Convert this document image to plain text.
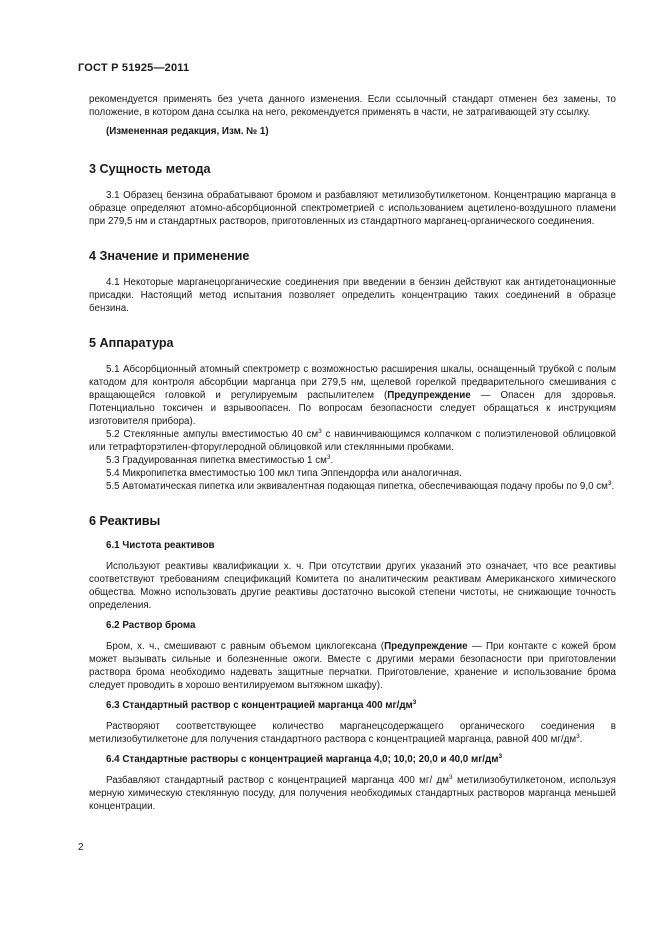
ГОСТ Р 51925—2011

рекомендуется применять без учета данного изменения. Если ссылочный стандарт отменен без замены, то положение, в котором дана ссылка на него, рекомендуется применять в части, не затрагивающей эту ссылку.

(Измененная редакция, Изм. № 1)
3 Сущность метода

3.1 Образец бензина обрабатывают бромом и разбавляют метилизобутилкетоном. Концентрацию марганца в образце определяют атомно-абсорбционной спектрометрией с использованием ацетилено-воздушного пламени при 279,5 нм и стандартных растворов, приготовленных из стандартного марганец-органического соединения.

4 Значение и применение

4.1 Некоторые марганецорганические соединения при введении в бензин действуют как антидетонационные присадки. Настоящий метод испытания позволяет определить концентрацию таких соединений в образце бензина.

5 Аппаратура

5.1 Абсорбционный атомный спектрометр с возможностью расширения шкалы, оснащенный трубкой с полым катодом для контроля абсорбции марганца при 279,5 нм, щелевой горелкой предварительного смешивания с вращающейся головкой и регулируемым распылителем (Предупреждение — Опасен для здоровья. Потенциально токсичен и взрывоопасен. По вопросам безопасности следует обращаться к инструкциям изготовителя прибора).

5.2 Стеклянные ампулы вместимостью 40 $см^3$ с навинчивающимся колпачком с полиэтиленовой облицовкой или тетрафторэтилен-фторуглеродной облицовкой или стеклянными пробками.

5.3 Градуированная пипетка вместимостью 1 $см^3$.

5.4 Микропипетка вместимостью 100 мкл типа Эппендорфа или аналогичная.

5.5 Автоматическая пипетка или эквивалентная подающая пипетка, обеспечивающая подачу пробы по 9,0 $см^3$.

6 Реактивы
6.1 Чистота реактивов

Используют реактивы квалификации х. ч. При отсутствии других указаний это означает, что все реактивы соответствуют требованиям спецификаций Комитета по аналитическим реактивам Американского химического общества. Можно использовать другие реактивы достаточно высокой степени чистоты, не снижающие точность определения.

6.2 Раствор брома

Бром, х. ч., смешивают с равным объемом циклогексана (Предупреждение — При контакте с кожей бром может вызывать сильные и болезненные ожоги. Вместе с другими мерами безопасности при приготовлении раствора брома необходимо надевать защитные перчатки. Приготовление, хранение и использование брома следует проводить в хорошо вентилируемом вытяжном шкафу).

6.3 Стандартный раствор с концентрацией марганца 400 $мг/дм^3$

Растворяют соответствующее количество марганецсодержащего органического соединения в метилизобутилкетоне для получения стандартного раствора с концентрацией марганца, равной 400 $мг/дм^3$.

6.4 Стандартные растворы с концентрацией марганца 4,0; 10,0; 20,0 и 40,0 $мг/дм^3$

Разбавляют стандартный раствор с концентрацией марганца 400 мг/ $дм^3$ метилизобутилкетоном, используя мерную химическую стеклянную посуду, для получения необходимых стандартных растворов марганца меньшей концентрации.

2
